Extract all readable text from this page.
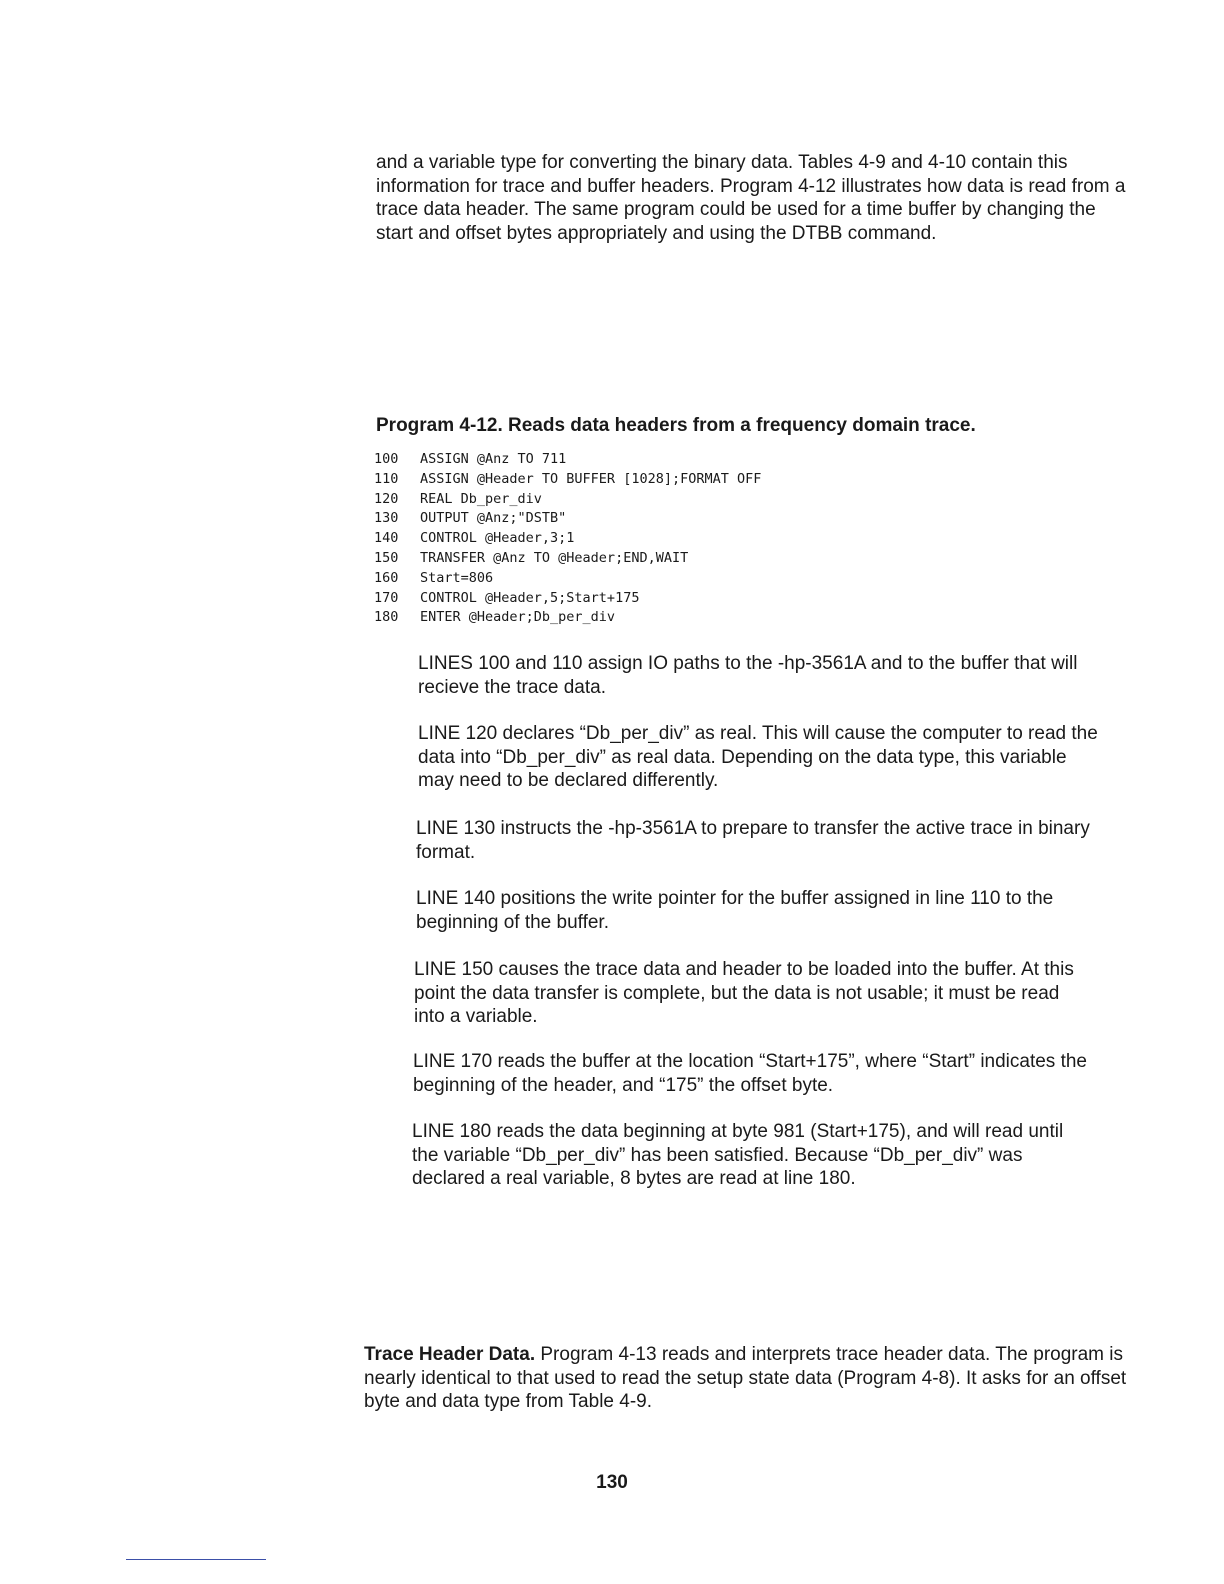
and a variable type for converting the binary data. Tables 4-9 and 4-10 contain this information for trace and buffer headers. Program 4-12 illustrates how data is read from a trace data header. The same program could be used for a time buffer by changing the start and offset bytes appropriately and using the DTBB command.

Program 4-12. Reads data headers from a frequency domain trace.

100 ASSIGN @Anz TO 711
110 ASSIGN @Header TO BUFFER [1028];FORMAT OFF
120 REAL Db_per_div
130 OUTPUT @Anz;"DSTB"
140 CONTROL @Header,3;1
150 TRANSFER @Anz TO @Header;END,WAIT
160 Start=806
170 CONTROL @Header,5;Start+175
180 ENTER @Header;Db_per_div

LINES 100 and 110 assign IO paths to the -hp-3561A and to the buffer that will recieve the trace data.

LINE 120 declares “Db_per_div” as real. This will cause the computer to read the data into “Db_per_div” as real data. Depending on the data type, this variable may need to be declared differently.

LINE 130 instructs the -hp-3561A to prepare to transfer the active trace in binary format.

LINE 140 positions the write pointer for the buffer assigned in line 110 to the beginning of the buffer.

LINE 150 causes the trace data and header to be loaded into the buffer. At this point the data transfer is complete, but the data is not usable; it must be read into a variable.

LINE 170 reads the buffer at the location “Start+175”, where “Start” indicates the beginning of the header, and “175” the offset byte.

LINE 180 reads the data beginning at byte 981 (Start+175), and will read until the variable “Db_per_div” has been satisfied. Because “Db_per_div” was declared a real variable, 8 bytes are read at line 180.

Trace Header Data. Program 4-13 reads and interprets trace header data. The program is nearly identical to that used to read the setup state data (Program 4-8). It asks for an offset byte and data type from Table 4-9.

130
